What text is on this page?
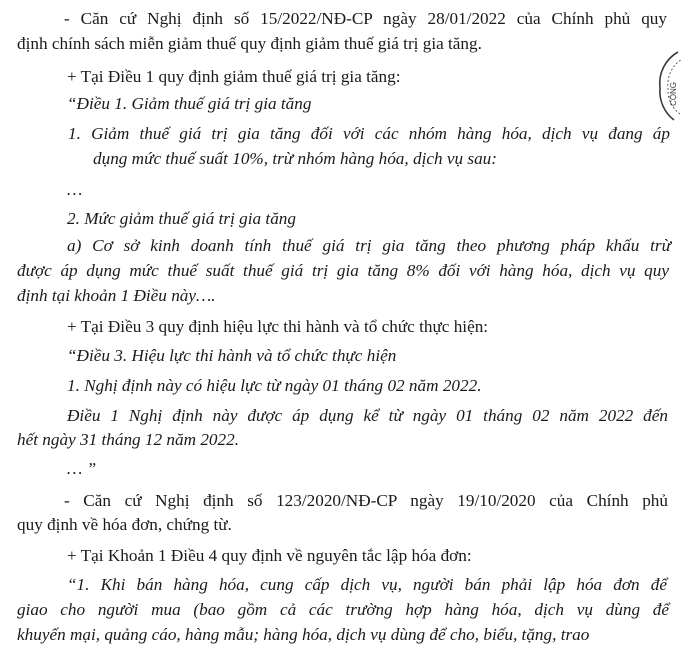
- Căn cứ Nghị định số 15/2022/NĐ-CP ngày 28/01/2022 của Chính phủ quy
định chính sách miễn giảm thuế quy định giảm thuế giá trị gia tăng.
+ Tại Điều 1 quy định giảm thuế giá trị gia tăng:
“Điều 1. Giảm thuế giá trị gia tăng
1. Giảm thuế giá trị gia tăng đối với các nhóm hàng hóa, dịch vụ đang áp
dụng mức thuế suất 10%, trừ nhóm hàng hóa, dịch vụ sau:
…
2. Mức giảm thuế giá trị gia tăng
a) Cơ sở kinh doanh tính thuế giá trị gia tăng theo phương pháp khấu trừ
được áp dụng mức thuế suất thuế giá trị gia tăng 8% đối với hàng hóa, dịch vụ quy
định tại khoản 1 Điều này….
+ Tại Điều 3 quy định hiệu lực thi hành và tổ chức thực hiện:
“Điều 3. Hiệu lực thi hành và tổ chức thực hiện
1. Nghị định này có hiệu lực từ ngày 01 tháng 02 năm 2022.
Điều 1 Nghị định này được áp dụng kể từ ngày 01 tháng 02 năm 2022 đến
hết ngày 31 tháng 12 năm 2022.
… ”
- Căn cứ Nghị định số 123/2020/NĐ-CP ngày 19/10/2020 của Chính phủ
quy định về hóa đơn, chứng từ.
+ Tại Khoản 1 Điều 4 quy định về nguyên tắc lập hóa đơn:
“1. Khi bán hàng hóa, cung cấp dịch vụ, người bán phải lập hóa đơn để
giao cho người mua (bao gồm cả các trường hợp hàng hóa, dịch vụ dùng để
khuyến mại, quảng cáo, hàng mẫu; hàng hóa, dịch vụ dùng để cho, biếu, tặng, trao
CỘNG
